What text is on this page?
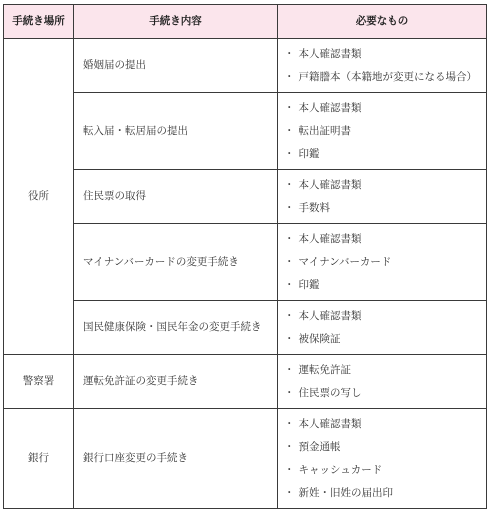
手続き場所	手続き内容	必要なもの
役所	婚姻届の提出	・ 本人確認書類
・ 戸籍謄本（本籍地が変更になる場合）

	転入届・転居届の提出	・ 本人確認書類
・ 転出証明書
・ 印鑑

	住民票の取得	・ 本人確認書類
・ 手数料

	マイナンバーカードの変更手続き	・ 本人確認書類
・ マイナンバーカード
・ 印鑑

	国民健康保険・国民年金の変更手続き	・ 本人確認書類
・ 被保険証

警察署	運転免許証の変更手続き	・ 運転免許証
・ 住民票の写し

銀行	銀行口座変更の手続き	・ 本人確認書類
・ 預金通帳
・ キャッシュカード
・ 新姓・旧姓の届出印
